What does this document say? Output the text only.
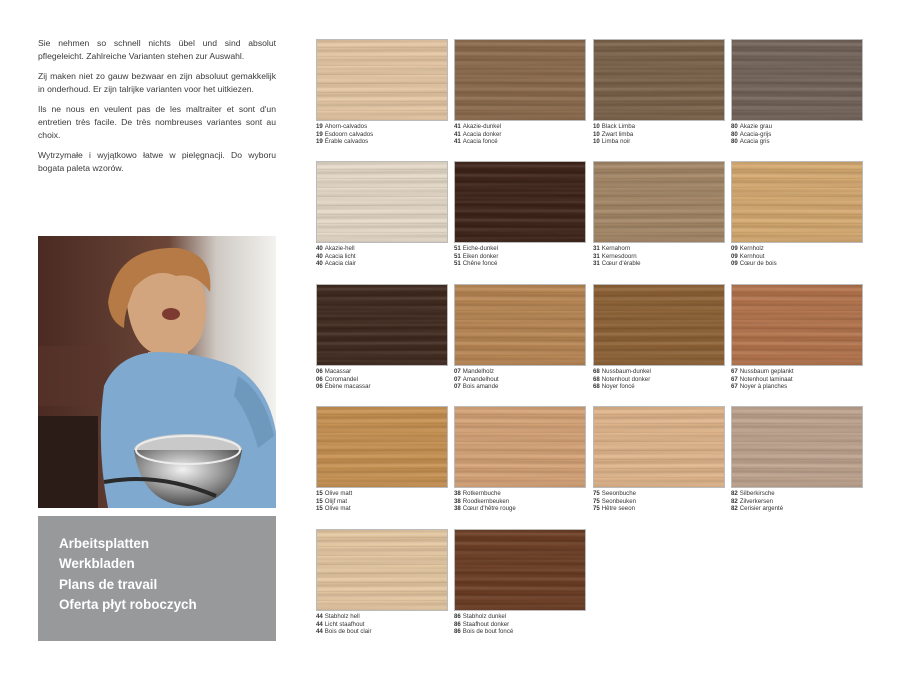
Sie nehmen so schnell nichts übel und sind absolut pflegeleicht. Zahlreiche Varianten stehen zur Auswahl.

Zij maken niet zo gauw bezwaar en zijn absoluut gemakkelijk in onderhoud. Er zijn talrijke varianten voor het uitkiezen.

Ils ne nous en veulent pas de les maltraiter et sont d'un entretien très facile. De très nombreuses variantes sont au choix.

Wytrzymałe i wyjątkowo łatwe w pielęgnacji. Do wyboru bogata paleta wzorów.

Arbeitsplatten
Werkbladen
Plans de travail
Oferta płyt roboczych
19 Ahorn-calvados
19 Esdoorn calvados
19 Érable calvados
41 Akazie-dunkel
41 Acacia donker
41 Acacia foncé
10 Black Limba
10 Zwart limba
10 Limba noir
80 Akazie grau
80 Acacia-grijs
80 Acacia gris
40 Akazie-hell
40 Acacia licht
40 Acacia clair
51 Eiche-dunkel
51 Eiken donker
51 Chêne foncé
31 Kernahorn
31 Kernesdoorn
31 Cœur d'érable
09 Kernholz
09 Kernhout
09 Cœur de bois
06 Macassar
06 Coromandel
06 Ébène macassar
07 Mandelholz
07 Amandelhout
07 Bois amande
68 Nussbaum-dunkel
68 Notenhout donker
68 Noyer foncé
67 Nussbaum geplankt
67 Notenhout laminaat
67 Noyer à planches
15 Olive matt
15 Olijf mat
15 Olive mat
38 Rotkernbuche
38 Roodkernbeuken
38 Cœur d'hêtre rouge
75 Seeonbuche
75 Seonbeuken
75 Hêtre seeon
82 Silberkirsche
82 Zilverkersen
82 Cerisier argenté
44 Stabholz hell
44 Licht staafhout
44 Bois de bout clair
86 Stabholz dunkel
86 Staafhout donker
86 Bois de bout foncé
